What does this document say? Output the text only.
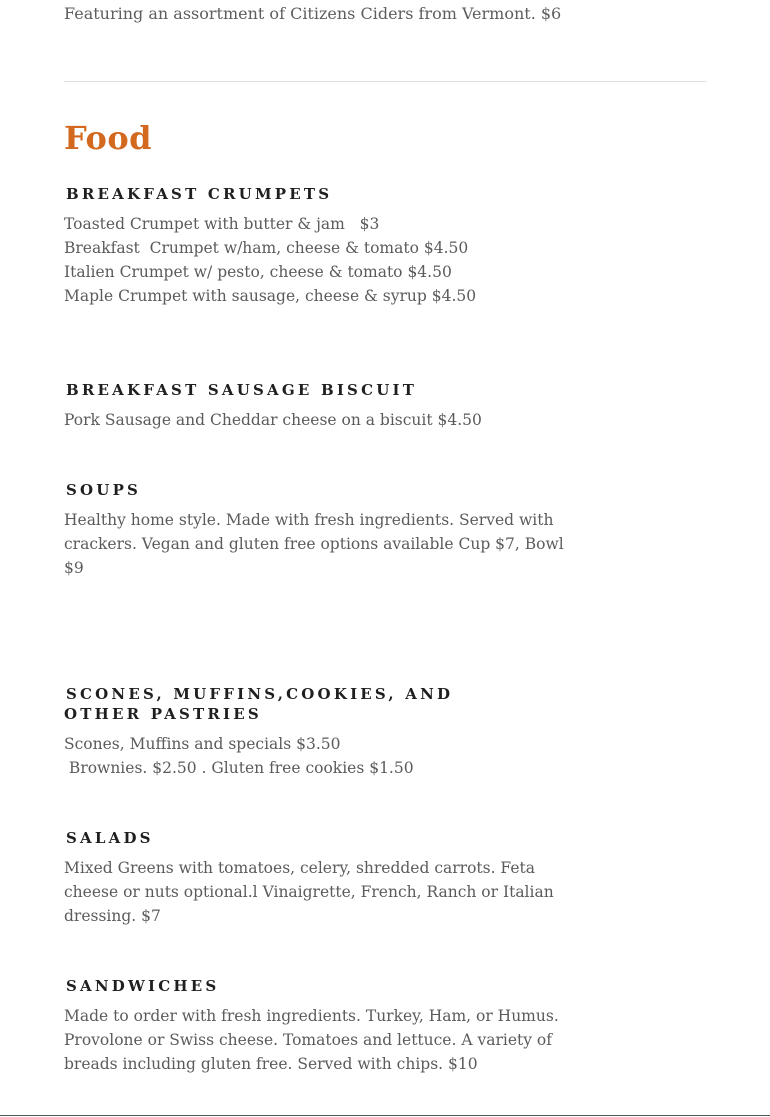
Featuring an assortment of Citizens Ciders from Vermont. $6
Food
BREAKFAST CRUMPETS
Toasted Crumpet with butter & jam   $3
Breakfast  Crumpet w/ham, cheese & tomato $4.50
Italien Crumpet w/ pesto, cheese & tomato $4.50
Maple Crumpet with sausage, cheese & syrup $4.50
BREAKFAST SAUSAGE BISCUIT
Pork Sausage and Cheddar cheese on a biscuit $4.50
SOUPS
Healthy home style. Made with fresh ingredients. Served with
crackers. Vegan and gluten free options available Cup $7, Bowl
$9
SCONES, MUFFINS,COOKIES, AND
OTHER PASTRIES
Scones, Muffins and specials $3.50
Brownies. $2.50 . Gluten free cookies $1.50
SALADS
Mixed Greens with tomatoes, celery, shredded carrots. Feta
cheese or nuts optional.l Vinaigrette, French, Ranch or Italian
dressing. $7
SANDWICHES
Made to order with fresh ingredients. Turkey, Ham, or Humus.
Provolone or Swiss cheese. Tomatoes and lettuce. A variety of
breads including gluten free. Served with chips. $10
